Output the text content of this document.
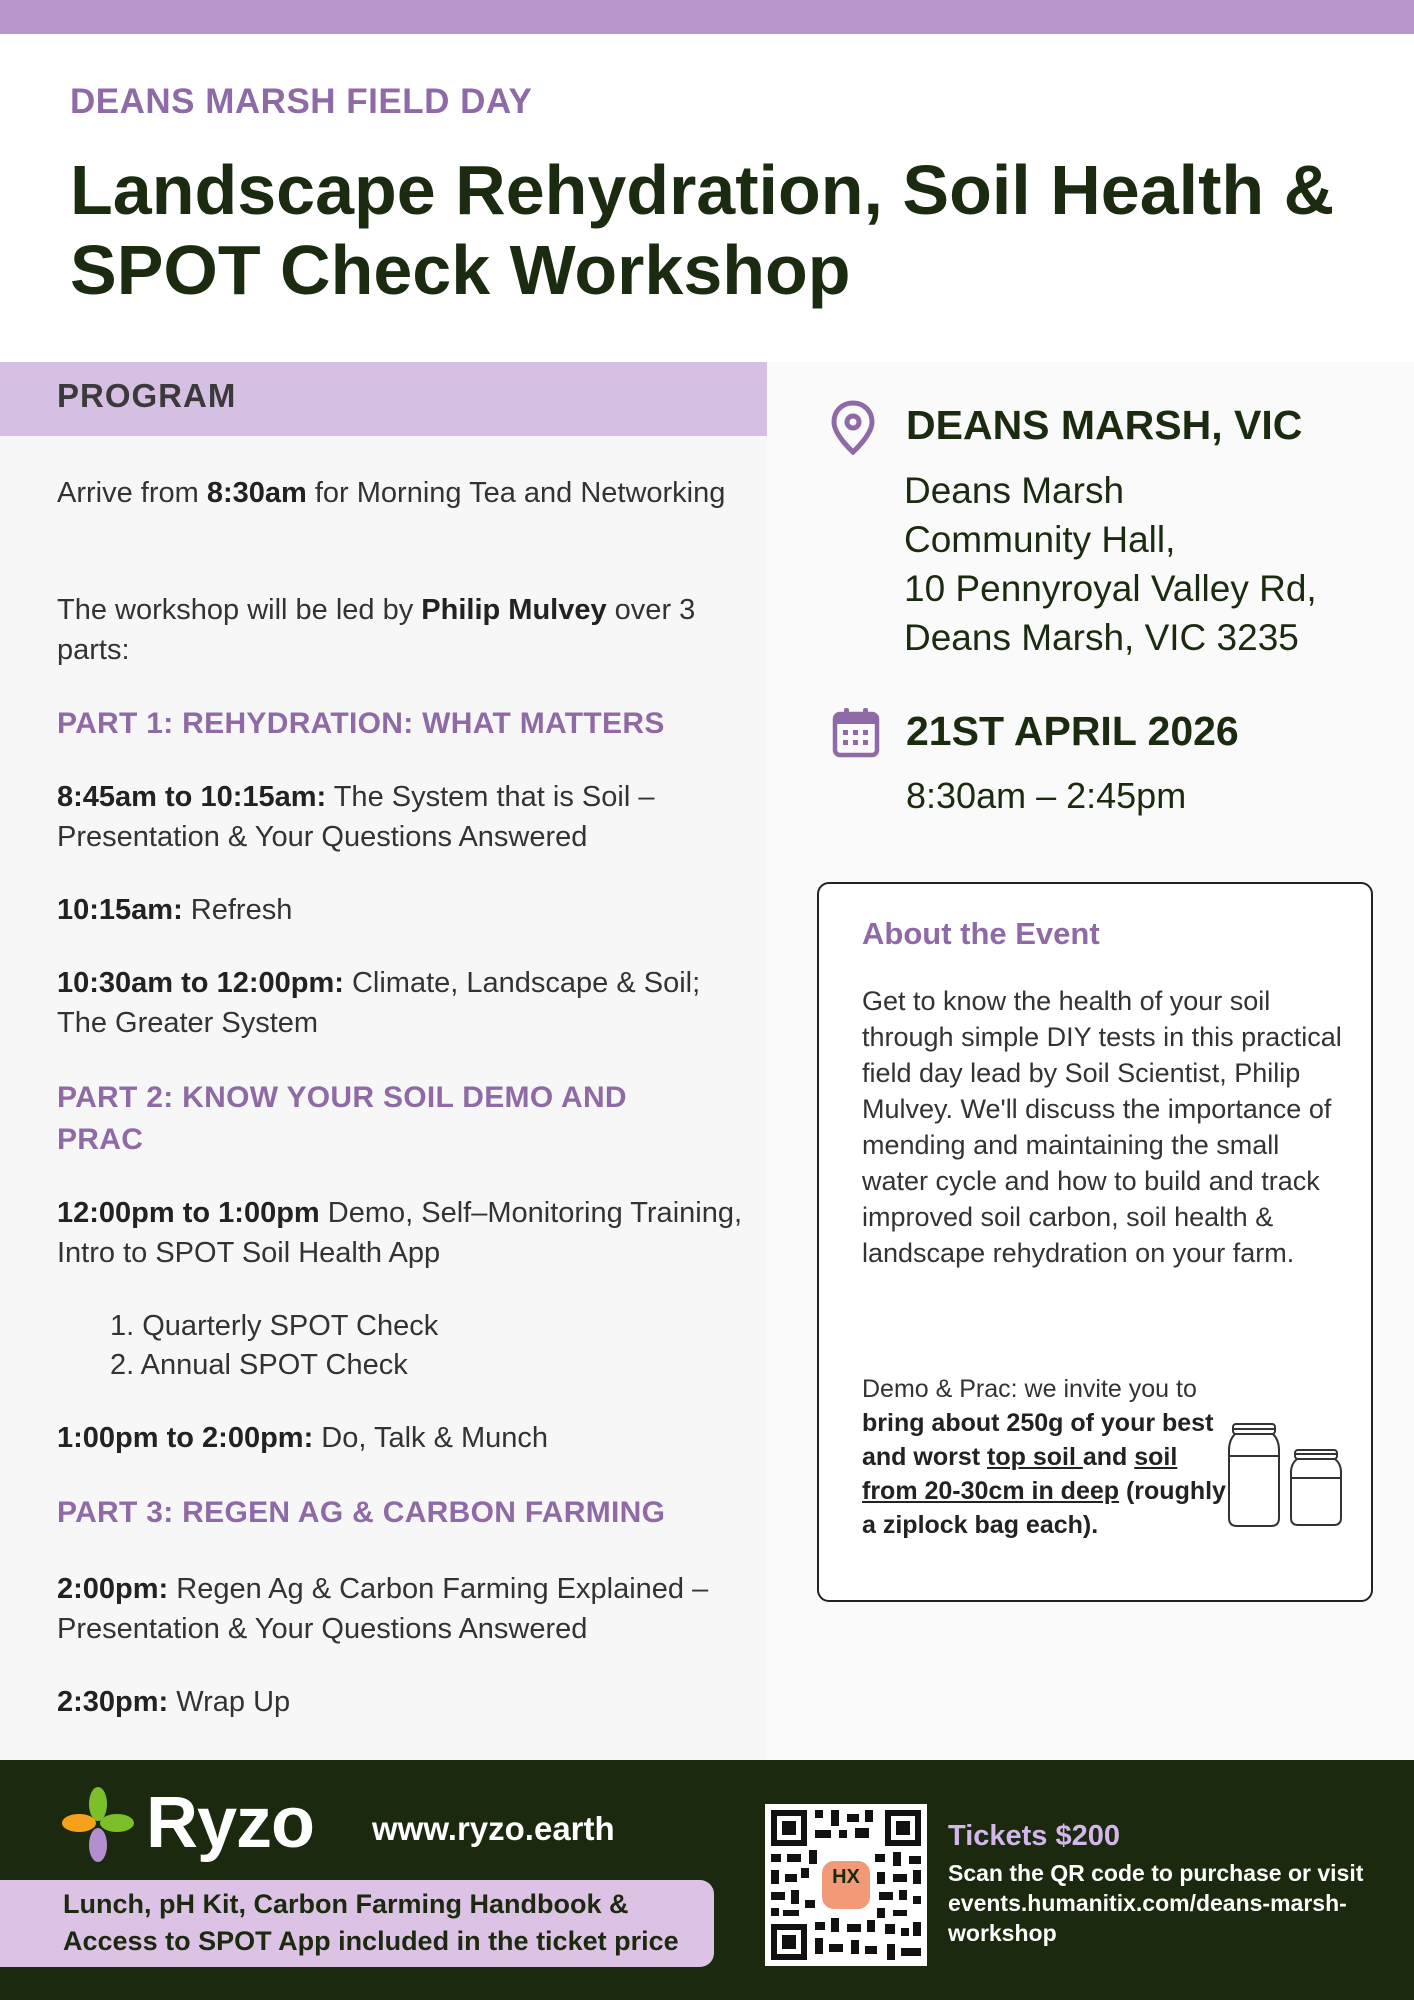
DEANS MARSH FIELD DAY
Landscape Rehydration, Soil Health & SPOT Check Workshop
PROGRAM
Arrive from 8:30am for Morning Tea and Networking
The workshop will be led by Philip Mulvey over 3 parts:
PART 1: REHYDRATION: WHAT MATTERS
8:45am to 10:15am: The System that is Soil – Presentation & Your Questions Answered
10:15am: Refresh
10:30am to 12:00pm: Climate, Landscape & Soil; The Greater System
PART 2: KNOW YOUR SOIL DEMO AND PRAC
12:00pm to 1:00pm Demo, Self–Monitoring Training, Intro to SPOT Soil Health App
1. Quarterly SPOT Check
2. Annual SPOT Check
1:00pm to 2:00pm: Do, Talk & Munch
PART 3: REGEN AG & CARBON FARMING
2:00pm: Regen Ag & Carbon Farming Explained – Presentation & Your Questions Answered
2:30pm: Wrap Up
DEANS MARSH, VIC
Deans Marsh
Community Hall,
10 Pennyroyal Valley Rd,
Deans Marsh, VIC 3235
21ST APRIL 2026
8:30am – 2:45pm
About the Event
Get to know the health of your soil through simple DIY tests in this practical field day lead by Soil Scientist, Philip Mulvey. We'll discuss the importance of mending and maintaining the small water cycle and how to build and track improved soil carbon, soil health & landscape rehydration on your farm.
Demo & Prac: we invite you to bring about 250g of your best and worst top soil and soil from 20-30cm in deep (roughly a ziplock bag each).
Ryzo www.ryzo.earth
Lunch, pH Kit, Carbon Farming Handbook & Access to SPOT App included in the ticket price
HX
Tickets $200
Scan the QR code to purchase or visit events.humanitix.com/deans-marsh-workshop
